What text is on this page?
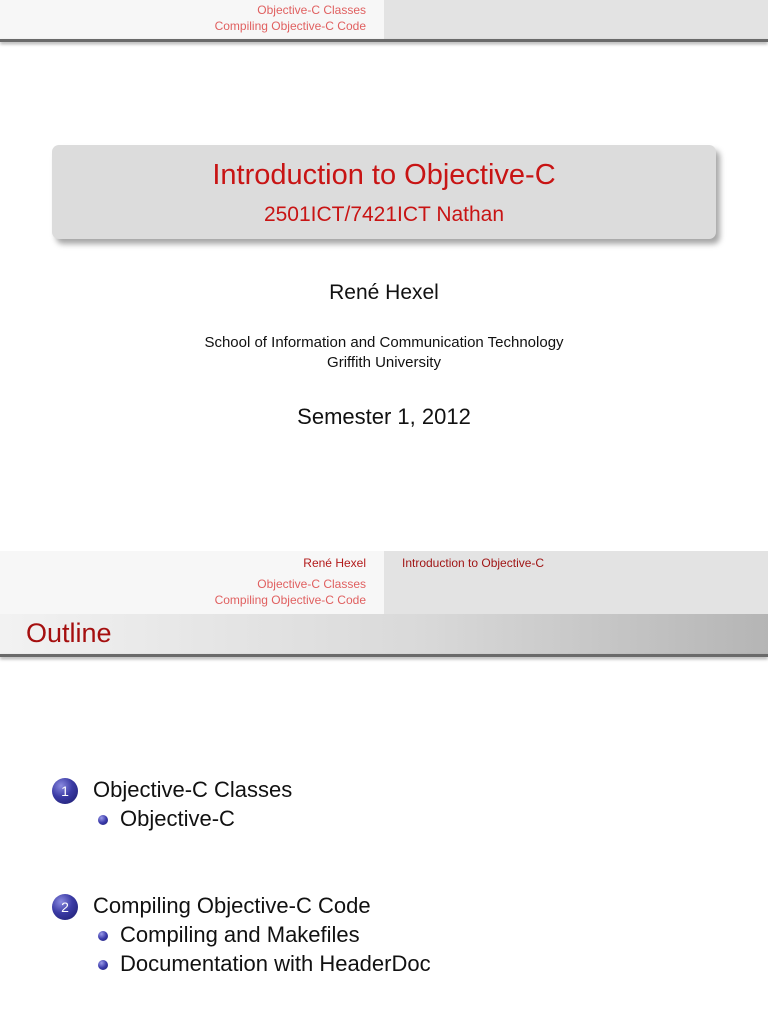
Objective-C Classes
Compiling Objective-C Code
Introduction to Objective-C
2501ICT/7421ICT Nathan
René Hexel
School of Information and Communication Technology
Griffith University
Semester 1, 2012
René Hexel
Objective-C Classes
Compiling Objective-C Code
Introduction to Objective-C
Outline
1	Objective-C Classes
Objective-C
2	Compiling Objective-C Code
Compiling and Makefiles
Documentation with HeaderDoc
